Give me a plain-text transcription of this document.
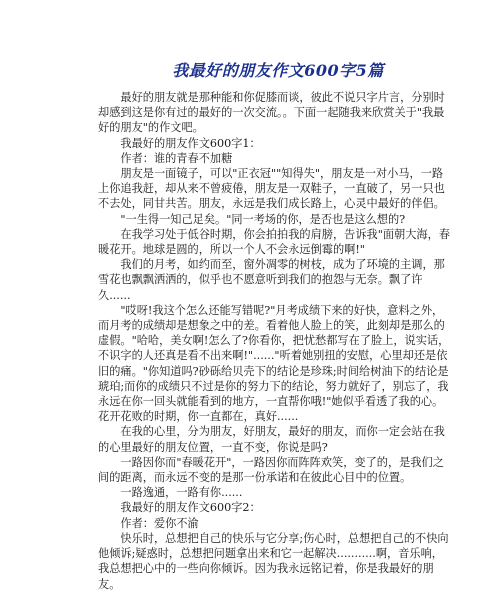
我最好的朋友作文600字5篇

最好的朋友就是那种能和你促膝而谈，彼此不说只字片言，分别时却感到这是你有过的最好的一次交流。。下面一起随我来欣赏关于"我最好的朋友"的作文吧。

我最好的朋友作文600字1：

作者：谁的青春不加糖

朋友是一面镜子，可以"正衣冠""知得失"，朋友是一对小马，一路上你追我赶，却从来不曾疲倦，朋友是一双鞋子，一直破了，另一只也不去处，同甘共苦。朋友，永远是我们成长路上，心灵中最好的伴侣。

"一生得一知己足矣。"同一考场的你，是否也是这么想的?

在我学习处于低谷时期，你会拍拍我的肩膀，告诉我"面朝大海，春暖花开。地球是圆的，所以一个人不会永远倒霉的啊!"

我们的月考，如约而至，窗外凋零的树枝，成为了环境的主调，那雪花也飘飘洒洒的，似乎也不愿意听到我们的抱怨与无奈。飘了许久......

"哎呀!我这个怎么还能写错呢?"月考成绩下来的好快，意料之外，而月考的成绩却是想象之中的差。看着他人脸上的笑，此刻却是那么的虚假。"哈哈，美女啊!怎么了?你看你，把忧愁都写在了脸上，说实话，不识字的人还真是看不出来啊!"......"听着她别扭的安慰，心里却还是依旧的痛。"你知道吗?砂砾给贝壳下的结论是珍珠;时间给树油下的结论是琥珀;而你的成绩只不过是你的努力下的结论，努力就好了，别忘了，我永远在你一回头就能看到的地方，一直帮你哦!"她似乎看透了我的心。花开花败的时期，你一直都在，真好......

在我的心里，分为朋友，好朋友，最好的朋友，而你一定会站在我的心里最好的朋友位置，一直不变，你说是吗?

一路因你而"春暖花开"，一路因你而阵阵欢笑，变了的，是我们之间的距离，而永远不变的是那一份承诺和在彼此心目中的位置。

一路逸通，一路有你......

我最好的朋友作文600字2：

作者：爱你不渝

快乐时，总想把自己的快乐与它分享;伤心时，总想把自己的不快向他倾诉;疑惑时，总想把问题拿出来和它一起解决...........啊，音乐响，我总想把心中的一些向你倾诉。因为我永远铭记着，你是我最好的朋友。
